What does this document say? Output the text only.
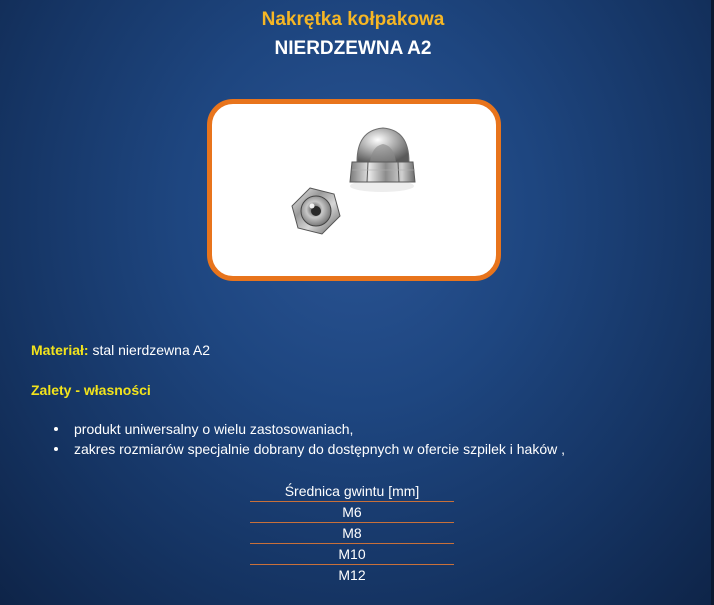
Nakrętka kołpakowa
NIERDZEWNA A2
Materiał: stal nierdzewna A2
Zalety - własności
produkt uniwersalny o wielu zastosowaniach,
zakres rozmiarów specjalnie dobrany do dostępnych w ofercie szpilek i haków ,
Średnica gwintu [mm]
M6
M8
M10
M12
